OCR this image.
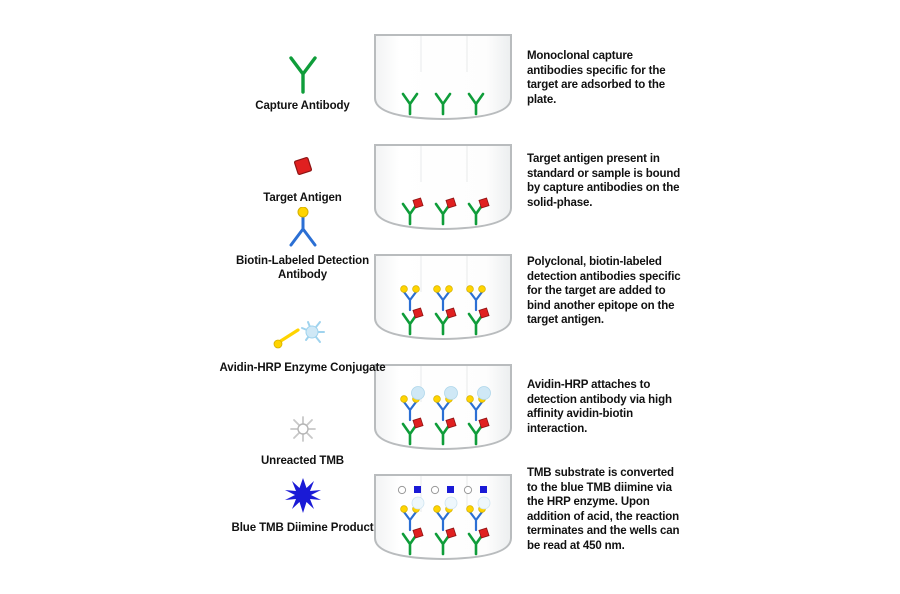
Capture Antibody
Target Antigen
Biotin-Labeled Detection Antibody
Avidin-HRP Enzyme Conjugate
Unreacted TMB
Blue TMB Diimine Product
Monoclonal capture antibodies specific for the target are adsorbed to the plate.
Target antigen present in standard or sample is bound by capture antibodies on the solid-phase.
Polyclonal, biotin-labeled detection antibodies specific for the target are added to bind another epitope on the target antigen.
Avidin-HRP attaches to detection antibody via high affinity avidin-biotin interaction.
TMB substrate is converted to the blue TMB diimine via the HRP enzyme. Upon addition of acid, the reaction terminates and the wells can be read at 450 nm.
